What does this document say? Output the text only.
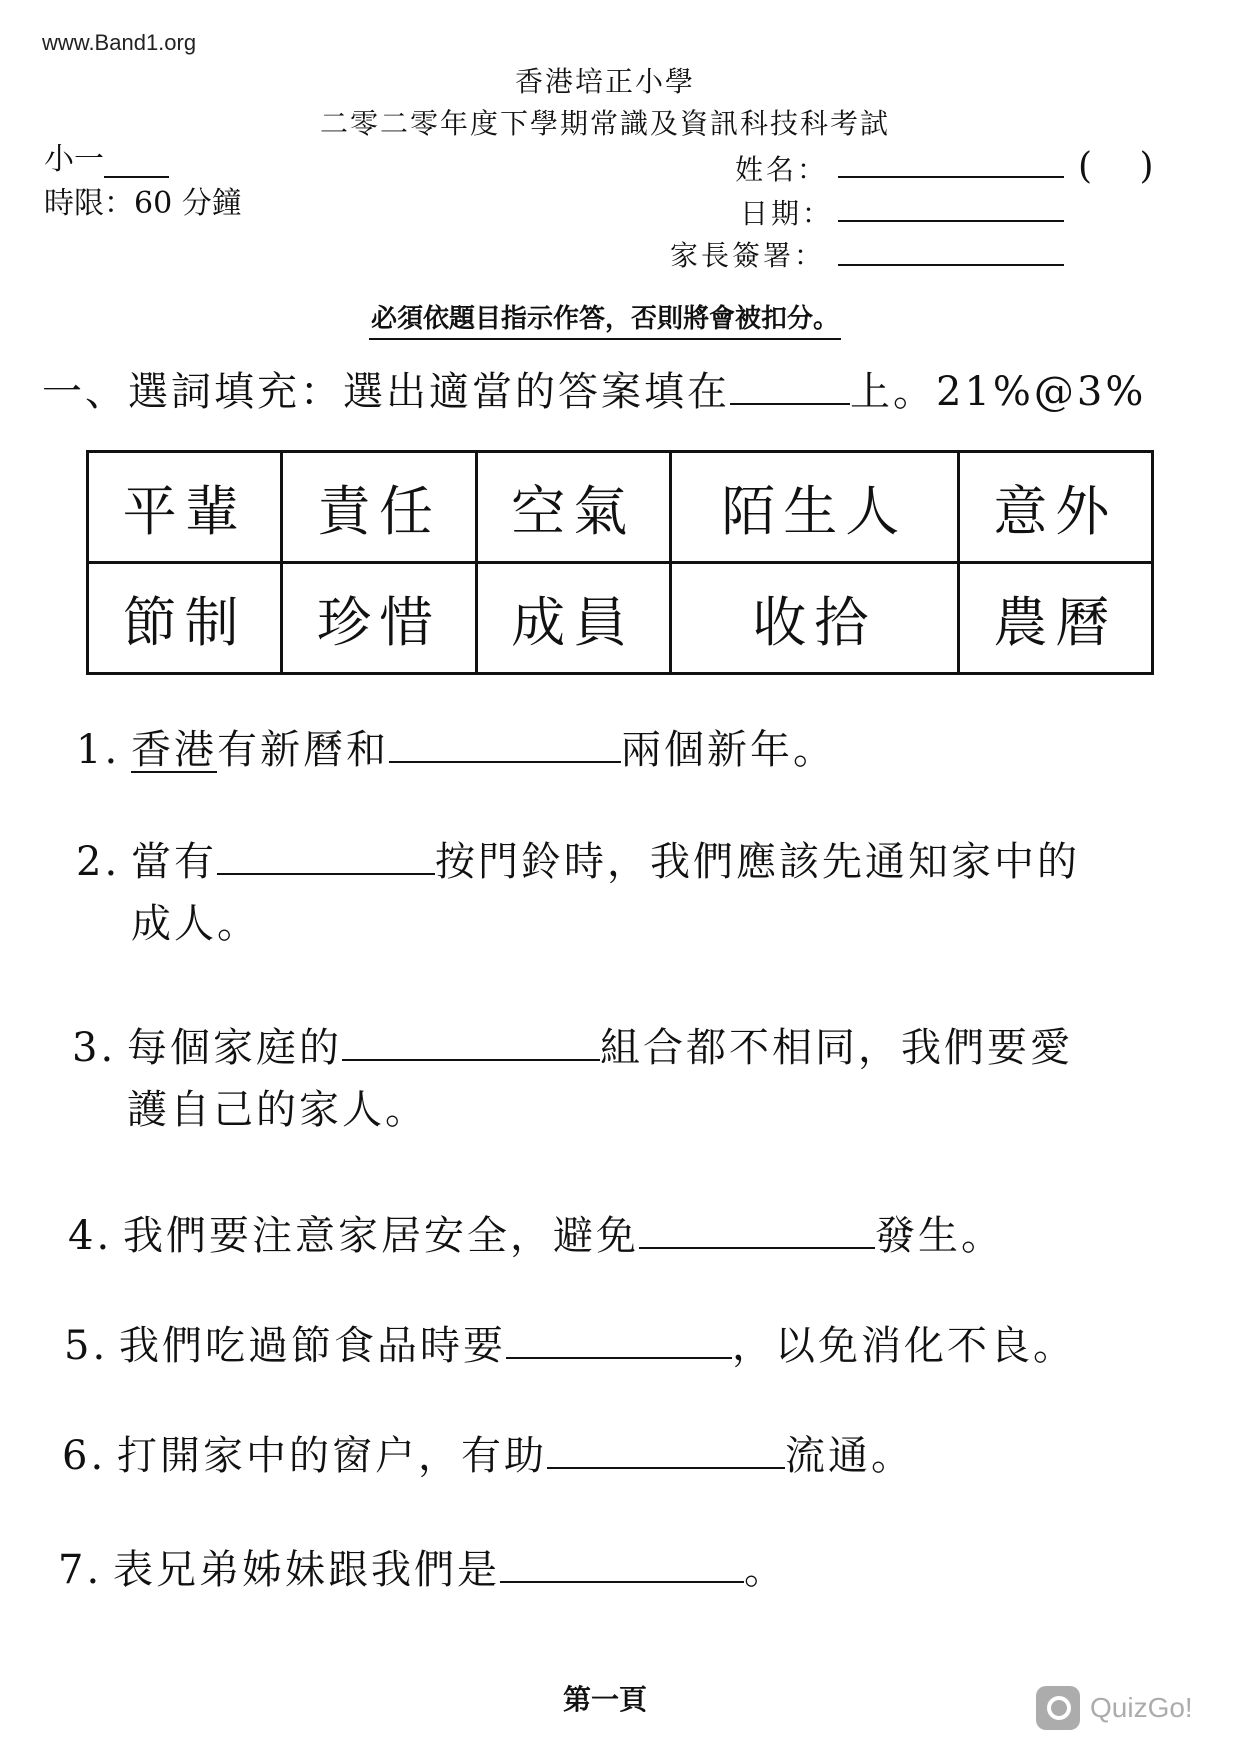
www.Band1.org
香港培正小學
二零二零年度下學期常識及資訊科技科考試
小一
時限：60 分鐘
姓名：	(　 )
日期：
家長簽署：
必須依題目指示作答，否則將會被扣分。
一、選詞填充：選出適當的答案填在	上。21%@3%
平輩	責任	空氣	陌生人	意外
節制	珍惜	成員	收拾	農曆
1. 香港有新曆和	兩個新年。
2. 當有	按門鈴時，我們應該先通知家中的
成人。
3. 每個家庭的	組合都不相同，我們要愛
護自己的家人。
4. 我們要注意家居安全，避免	發生。
5. 我們吃過節食品時要	，以免消化不良。
6. 打開家中的窗户，有助	流通。
7. 表兄弟姊妹跟我們是	。
第一頁	QuizGo!
